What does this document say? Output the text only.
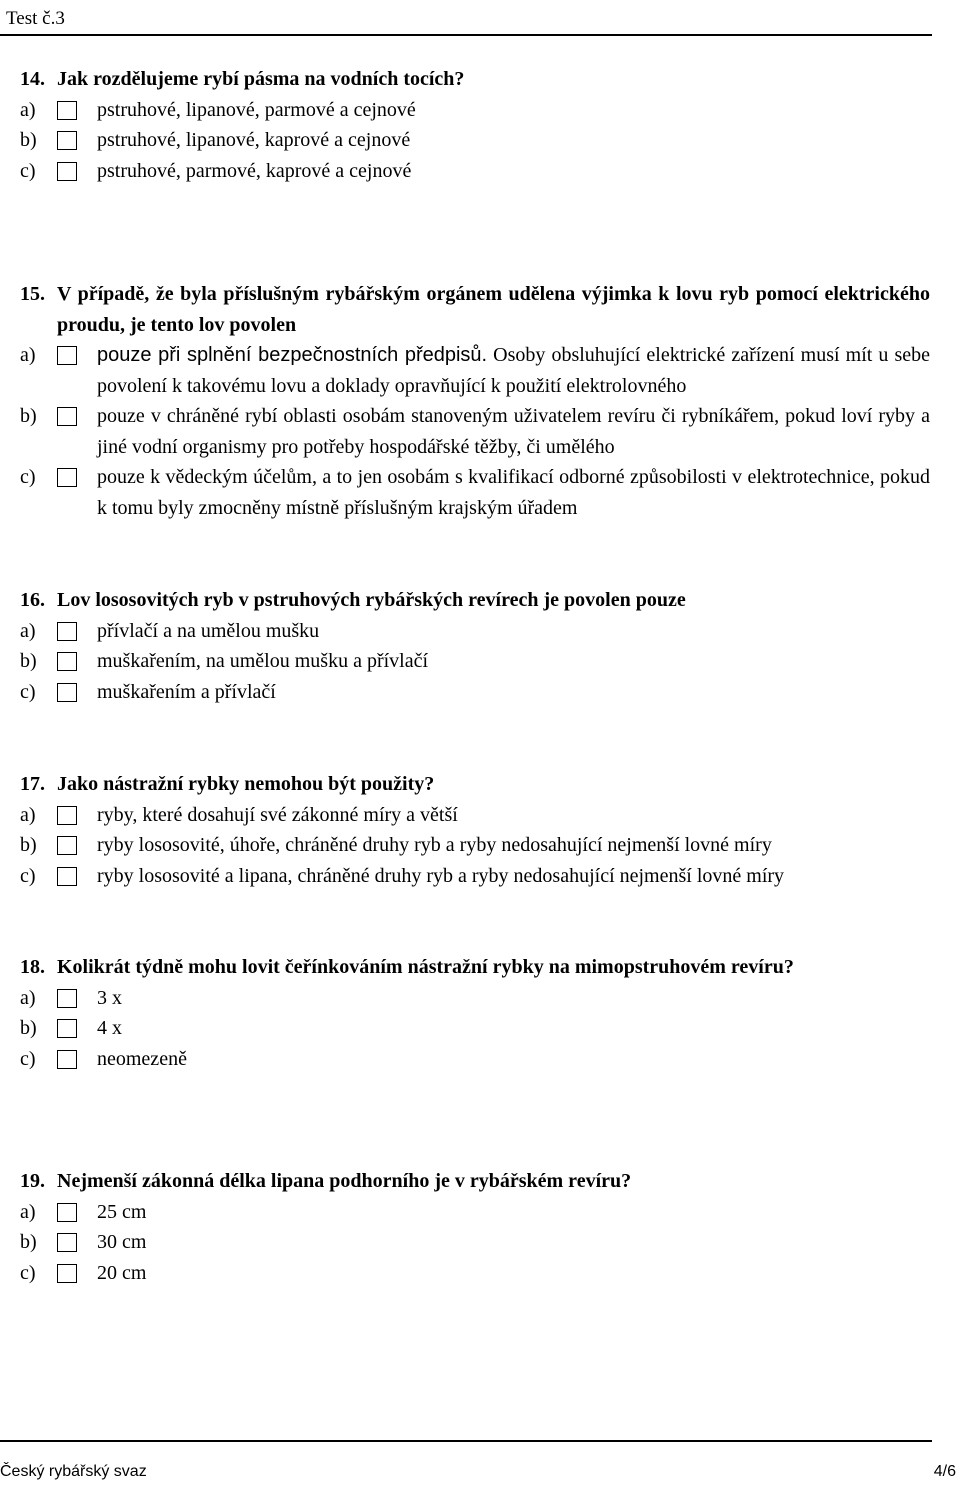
Test č.3
14. Jak rozdělujeme rybí pásma na vodních tocích?
a)	pstruhové, lipanové, parmové a cejnové
b)	pstruhové, lipanové, kaprové a cejnové
c)	pstruhové, parmové, kaprové a cejnové
15. V případě, že byla příslušným rybářským orgánem udělena výjimka k lovu ryb pomocí elektrického proudu, je tento lov povolen
a)	pouze při splnění bezpečnostních předpisů. Osoby obsluhující elektrické zařízení musí mít u sebe povolení k takovému lovu a doklady opravňující k použití elektrolovného
b)	pouze v chráněné rybí oblasti osobám stanoveným uživatelem revíru či rybníkářem, pokud loví ryby a jiné vodní organismy pro potřeby hospodářské těžby, či umělého
c)	pouze k vědeckým účelům, a to jen osobám s kvalifikací odborné způsobilosti v elektrotechnice, pokud k tomu byly zmocněny místně příslušným krajským úřadem
16. Lov lososovitých ryb v pstruhových rybářských revírech je povolen pouze
a)	přívlačí a na umělou mušku
b)	muškařením, na umělou mušku a přívlačí
c)	muškařením a přívlačí
17. Jako nástražní rybky nemohou být použity?
a)	ryby, které dosahují své zákonné míry a větší
b)	ryby lososovité, úhoře, chráněné druhy ryb a ryby nedosahující nejmenší lovné míry
c)	ryby lososovité a lipana, chráněné druhy ryb a ryby nedosahující nejmenší lovné míry
18. Kolikrát týdně mohu lovit čeřínkováním nástražní rybky na mimopstruhovém revíru?
a)	3 x
b)	4 x
c)	neomezeně
19. Nejmenší zákonná délka lipana podhorního je v rybářském revíru?
a)	25 cm
b)	30 cm
c)	20 cm
Český rybářský svaz	4/6
